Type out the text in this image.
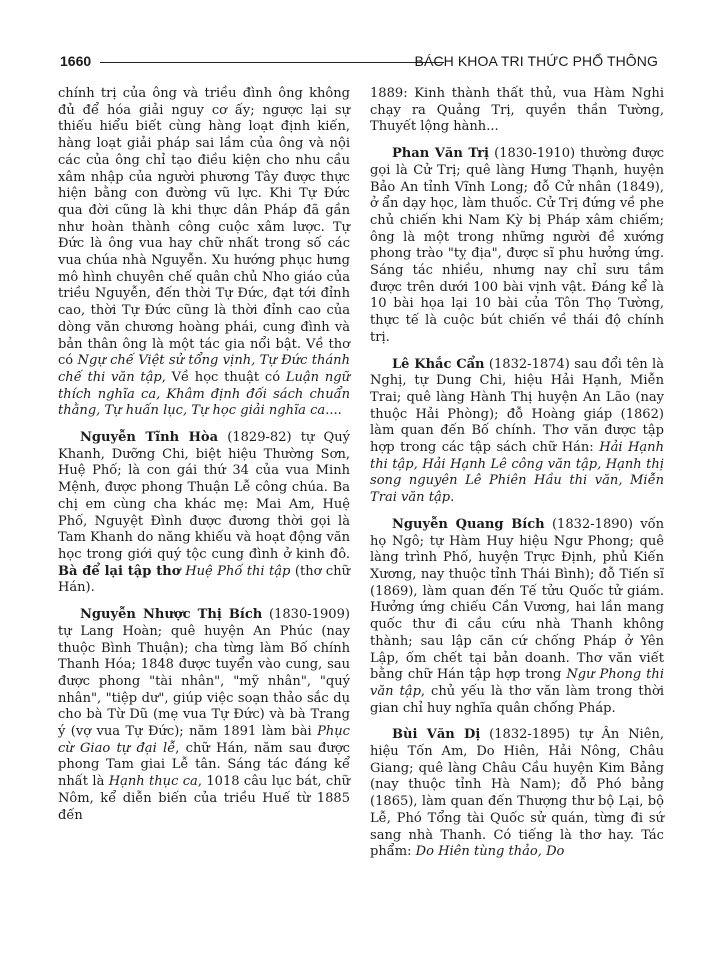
1660	BÁCH KHOA TRI THỨC PHỔ THÔNG

chính trị của ông và triều đình ông không đủ để hóa giải nguy cơ ấy; ngược lại sự thiếu hiểu biết cùng hàng loạt định kiến, hàng loạt giải pháp sai lầm của ông và nội các của ông chỉ tạo điều kiện cho nhu cầu xâm nhập của người phương Tây được thực hiện bằng con đường vũ lực. Khi Tự Đức qua đời cũng là khi thực dân Pháp đã gần như hoàn thành công cuộc xâm lược. Tự Đức là ông vua hay chữ nhất trong số các vua chúa nhà Nguyễn. Xu hướng phục hưng mô hình chuyên chế quân chủ Nho giáo của triều Nguyễn, đến thời Tự Đức, đạt tới đỉnh cao, thời Tự Đức cũng là thời đỉnh cao của dòng văn chương hoàng phái, cung đình và bản thân ông là một tác gia nổi bật. Về thơ có Ngự chế Việt sử tổng vịnh, Tự Đức thánh chế thi văn tập, Về học thuật có Luận ngữ thích nghĩa ca, Khâm định đối sách chuẩn thằng, Tự huấn lục, Tự học giải nghĩa ca....

Nguyễn Tĩnh Hòa (1829-82) tự Quý Khanh, Dưỡng Chi, biệt hiệu Thường Sơn, Huệ Phố; là con gái thứ 34 của vua Minh Mệnh, được phong Thuận Lễ công chúa. Ba chị em cùng cha khác mẹ: Mai Am, Huệ Phố, Nguyệt Đình được đương thời gọi là Tam Khanh do năng khiếu và hoạt động văn học trong giới quý tộc cung đình ở kinh đô. Bà để lại tập thơ Huệ Phố thi tập (thơ chữ Hán).

Nguyễn Nhược Thị Bích (1830-1909) tự Lang Hoàn; quê huyện An Phúc (nay thuộc Bình Thuận); cha từng làm Bố chính Thanh Hóa; 1848 được tuyển vào cung, sau được phong "tài nhân", "mỹ nhân", "quý nhân", "tiệp dư", giúp việc soạn thảo sắc dụ cho bà Từ Dũ (mẹ vua Tự Đức) và bà Trang ý (vợ vua Tự Đức); năm 1891 làm bài Phục cừ Giao tự đại lễ, chữ Hán, năm sau được phong Tam giai Lễ tân. Sáng tác đáng kể nhất là Hạnh thục ca, 1018 câu lục bát, chữ Nôm, kể diễn biến của triều Huế từ 1885 đến

1889: Kinh thành thất thủ, vua Hàm Nghi chạy ra Quảng Trị, quyền thần Tường, Thuyết lộng hành...

Phan Văn Trị (1830-1910) thường được gọi là Cử Trị; quê làng Hưng Thạnh, huyện Bảo An tỉnh Vĩnh Long; đỗ Cử nhân (1849), ở ẩn dạy học, làm thuốc. Cử Trị đứng về phe chủ chiến khi Nam Kỳ bị Pháp xâm chiếm; ông là một trong những người đề xướng phong trào "tỵ địa", được sĩ phu hưởng ứng. Sáng tác nhiều, nhưng nay chỉ sưu tầm được trên dưới 100 bài vịnh vật. Đáng kể là 10 bài họa lại 10 bài của Tôn Thọ Tường, thực tế là cuộc bút chiến về thái độ chính trị.

Lê Khắc Cẩn (1832-1874) sau đổi tên là Nghị, tự Dung Chi, hiệu Hải Hạnh, Miễn Trai; quê làng Hành Thị huyện An Lão (nay thuộc Hải Phòng); đỗ Hoàng giáp (1862) làm quan đến Bố chính. Thơ văn được tập hợp trong các tập sách chữ Hán: Hải Hạnh thi tập, Hải Hạnh Lê công văn tập, Hạnh thị song nguyên Lê Phiên Hầu thi văn, Miễn Trai văn tập.

Nguyễn Quang Bích (1832-1890) vốn họ Ngô; tự Hàm Huy hiệu Ngư Phong; quê làng trình Phố, huyện Trực Định, phủ Kiến Xương, nay thuộc tỉnh Thái Bình); đỗ Tiến sĩ (1869), làm quan đến Tế tửu Quốc tử giám. Hưởng ứng chiếu Cần Vương, hai lần mang quốc thư đi cầu cứu nhà Thanh không thành; sau lập căn cứ chống Pháp ở Yên Lập, ốm chết tại bản doanh. Thơ văn viết bằng chữ Hán tập hợp trong Ngư Phong thi văn tập, chủ yếu là thơ văn làm trong thời gian chỉ huy nghĩa quân chống Pháp.

Bùi Văn Dị (1832-1895) tự Ân Niên, hiệu Tốn Am, Do Hiên, Hải Nông, Châu Giang; quê làng Châu Cầu huyện Kim Bảng (nay thuộc tỉnh Hà Nam); đỗ Phó bảng (1865), làm quan đến Thượng thư bộ Lại, bộ Lễ, Phó Tổng tài Quốc sử quán, từng đi sứ sang nhà Thanh. Có tiếng là thơ hay. Tác phẩm: Do Hiên tùng thảo, Do
